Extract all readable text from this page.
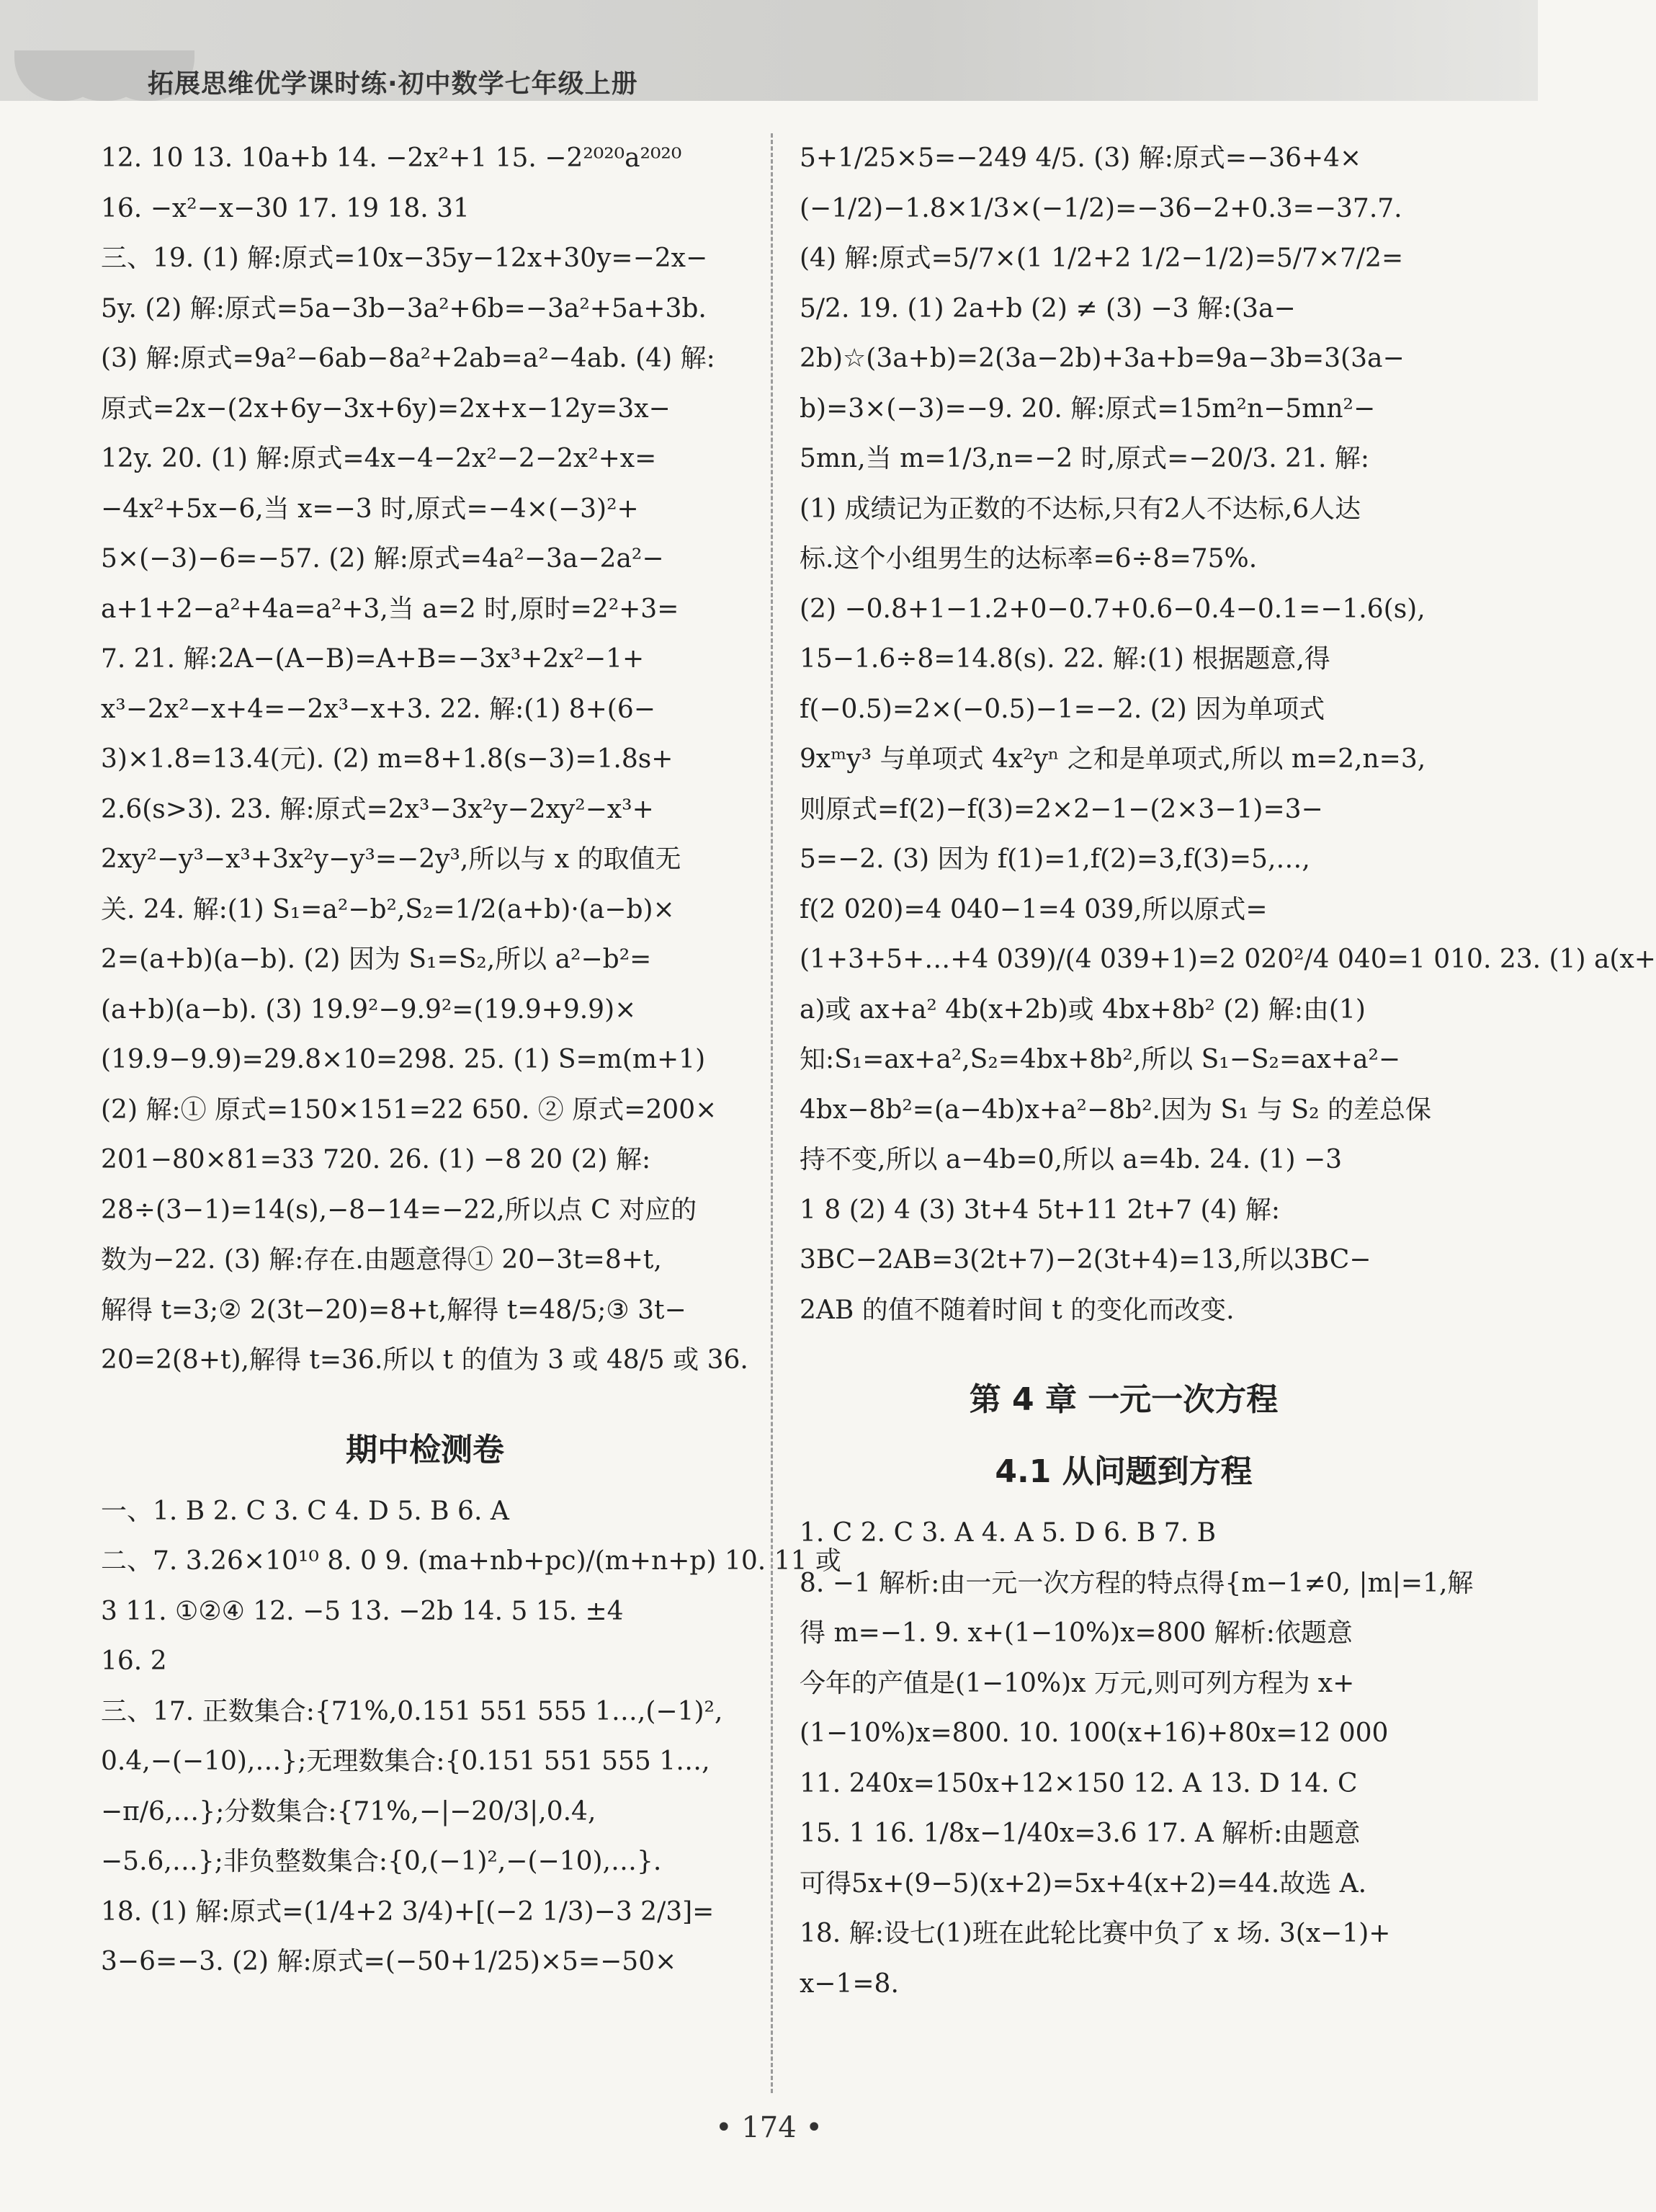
拓展思维优学课时练·初中数学七年级上册
12. 10 13. 10a+b 14. −2x²+1 15. −2²⁰²⁰a²⁰²⁰
16. −x²−x−30 17. 19 18. 31
三、19. (1) 解:原式=10x−35y−12x+30y=−2x−
5y. (2) 解:原式=5a−3b−3a²+6b=−3a²+5a+3b.
(3) 解:原式=9a²−6ab−8a²+2ab=a²−4ab. (4) 解:
原式=2x−(2x+6y−3x+6y)=2x+x−12y=3x−
12y. 20. (1) 解:原式=4x−4−2x²−2−2x²+x=
−4x²+5x−6,当 x=−3 时,原式=−4×(−3)²+
5×(−3)−6=−57. (2) 解:原式=4a²−3a−2a²−
a+1+2−a²+4a=a²+3,当 a=2 时,原时=2²+3=
7. 21. 解:2A−(A−B)=A+B=−3x³+2x²−1+
x³−2x²−x+4=−2x³−x+3. 22. 解:(1) 8+(6−
3)×1.8=13.4(元). (2) m=8+1.8(s−3)=1.8s+
2.6(s>3). 23. 解:原式=2x³−3x²y−2xy²−x³+
2xy²−y³−x³+3x²y−y³=−2y³,所以与 x 的取值无
关. 24. 解:(1) S₁=a²−b²,S₂=1/2(a+b)·(a−b)×
2=(a+b)(a−b). (2) 因为 S₁=S₂,所以 a²−b²=
(a+b)(a−b). (3) 19.9²−9.9²=(19.9+9.9)×
(19.9−9.9)=29.8×10=298. 25. (1) S=m(m+1)
(2) 解:① 原式=150×151=22 650. ② 原式=200×
201−80×81=33 720. 26. (1) −8 20 (2) 解:
28÷(3−1)=14(s),−8−14=−22,所以点 C 对应的
数为−22. (3) 解:存在.由题意得① 20−3t=8+t,
解得 t=3;② 2(3t−20)=8+t,解得 t=48/5;③ 3t−
20=2(8+t),解得 t=36.所以 t 的值为 3 或 48/5 或 36.
期中检测卷
一、1. B 2. C 3. C 4. D 5. B 6. A
二、7. 3.26×10¹⁰ 8. 0 9. (ma+nb+pc)/(m+n+p) 10. 11 或
3 11. ①②④ 12. −5 13. −2b 14. 5 15. ±4
16. 2
三、17. 正数集合:{71%,0.151 551 555 1…,(−1)²,
0.4̇,−(−10),…};无理数集合:{0.151 551 555 1…,
−π/6,…};分数集合:{71%,−|−20/3|,0.4̇,
−5.6,…};非负整数集合:{0,(−1)²,−(−10),…}.
18. (1) 解:原式=(1/4+2 3/4)+[(−2 1/3)−3 2/3]=
3−6=−3. (2) 解:原式=(−50+1/25)×5=−50×
5+1/25×5=−249 4/5. (3) 解:原式=−36+4×
(−1/2)−1.8×1/3×(−1/2)=−36−2+0.3=−37.7.
(4) 解:原式=5/7×(1 1/2+2 1/2−1/2)=5/7×7/2=
5/2. 19. (1) 2a+b (2) ≠ (3) −3 解:(3a−
2b)☆(3a+b)=2(3a−2b)+3a+b=9a−3b=3(3a−
b)=3×(−3)=−9. 20. 解:原式=15m²n−5mn²−
5mn,当 m=1/3,n=−2 时,原式=−20/3. 21. 解:
(1) 成绩记为正数的不达标,只有2人不达标,6人达
标.这个小组男生的达标率=6÷8=75%.
(2) −0.8+1−1.2+0−0.7+0.6−0.4−0.1=−1.6(s),
15−1.6÷8=14.8(s). 22. 解:(1) 根据题意,得
f(−0.5)=2×(−0.5)−1=−2. (2) 因为单项式
9xᵐy³ 与单项式 4x²yⁿ 之和是单项式,所以 m=2,n=3,
则原式=f(2)−f(3)=2×2−1−(2×3−1)=3−
5=−2. (3) 因为 f(1)=1,f(2)=3,f(3)=5,…,
f(2 020)=4 040−1=4 039,所以原式=
(1+3+5+…+4 039)/(4 039+1)=2 020²/4 040=1 010. 23. (1) a(x+
a)或 ax+a² 4b(x+2b)或 4bx+8b² (2) 解:由(1)
知:S₁=ax+a²,S₂=4bx+8b²,所以 S₁−S₂=ax+a²−
4bx−8b²=(a−4b)x+a²−8b².因为 S₁ 与 S₂ 的差总保
持不变,所以 a−4b=0,所以 a=4b. 24. (1) −3
1 8 (2) 4 (3) 3t+4 5t+11 2t+7 (4) 解:
3BC−2AB=3(2t+7)−2(3t+4)=13,所以3BC−
2AB 的值不随着时间 t 的变化而改变.
第 4 章 一元一次方程
4.1 从问题到方程
1. C 2. C 3. A 4. A 5. D 6. B 7. B
8. −1 解析:由一元一次方程的特点得{m−1≠0, |m|=1,解
得 m=−1. 9. x+(1−10%)x=800 解析:依题意
今年的产值是(1−10%)x 万元,则可列方程为 x+
(1−10%)x=800. 10. 100(x+16)+80x=12 000
11. 240x=150x+12×150 12. A 13. D 14. C
15. 1 16. 1/8x−1/40x=3.6 17. A 解析:由题意
可得5x+(9−5)(x+2)=5x+4(x+2)=44.故选 A.
18. 解:设七(1)班在此轮比赛中负了 x 场. 3(x−1)+
x−1=8.
• 174 •
